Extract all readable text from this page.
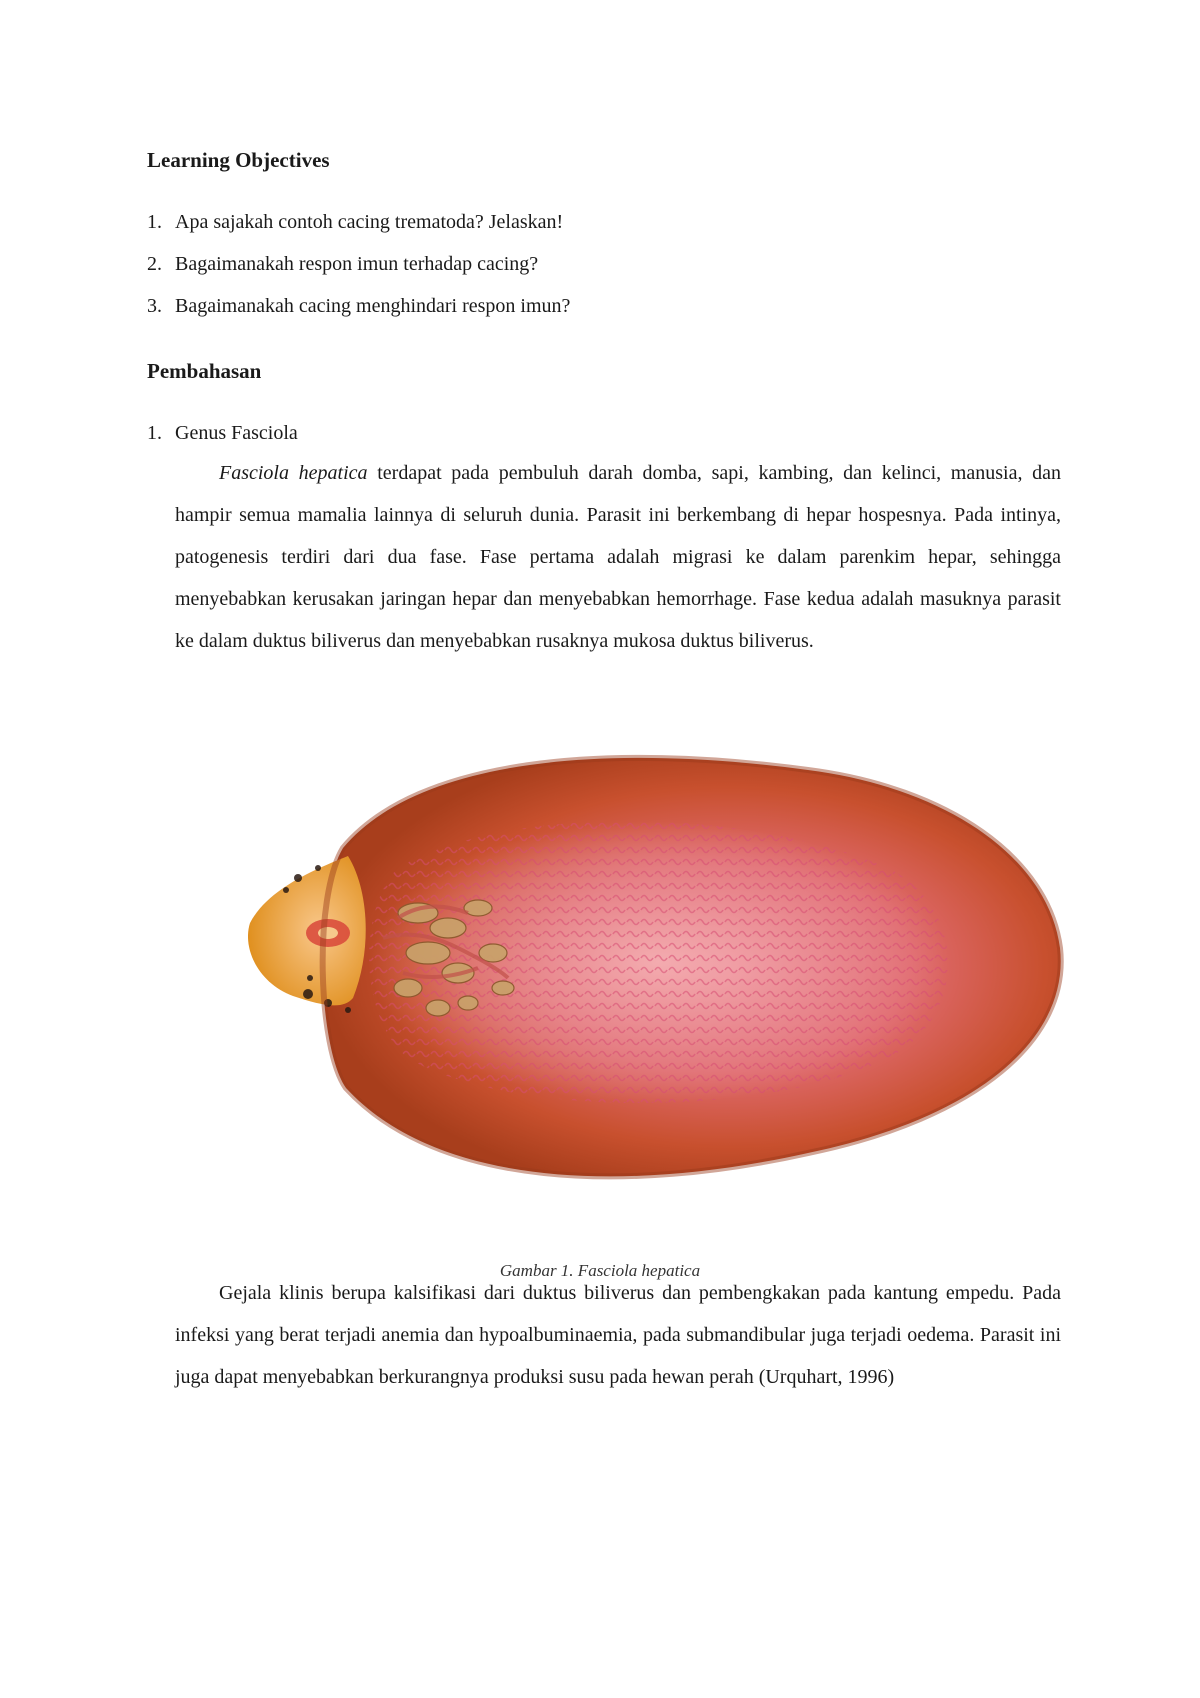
Learning Objectives

1. Apa sajakah contoh cacing trematoda? Jelaskan!

2. Bagaimanakah respon imun terhadap cacing?

3. Bagaimanakah cacing menghindari respon imun?

Pembahasan

1. Genus Fasciola

Fasciola hepatica terdapat pada pembuluh darah domba, sapi, kambing, dan kelinci, manusia, dan hampir semua mamalia lainnya di seluruh dunia. Parasit ini berkembang di hepar hospesnya. Pada intinya, patogenesis terdiri dari dua fase. Fase pertama adalah migrasi ke dalam parenkim hepar, sehingga menyebabkan kerusakan jaringan hepar dan menyebabkan hemorrhage. Fase kedua adalah masuknya parasit ke dalam duktus biliverus dan menyebabkan rusaknya mukosa duktus biliverus.

Gambar 1. Fasciola hepatica

Gejala klinis berupa kalsifikasi dari duktus biliverus dan pembengkakan pada kantung empedu. Pada infeksi yang berat terjadi anemia dan hypoalbuminaemia, pada submandibular juga terjadi oedema. Parasit ini juga dapat menyebabkan berkurangnya produksi susu pada hewan perah (Urquhart, 1996)
